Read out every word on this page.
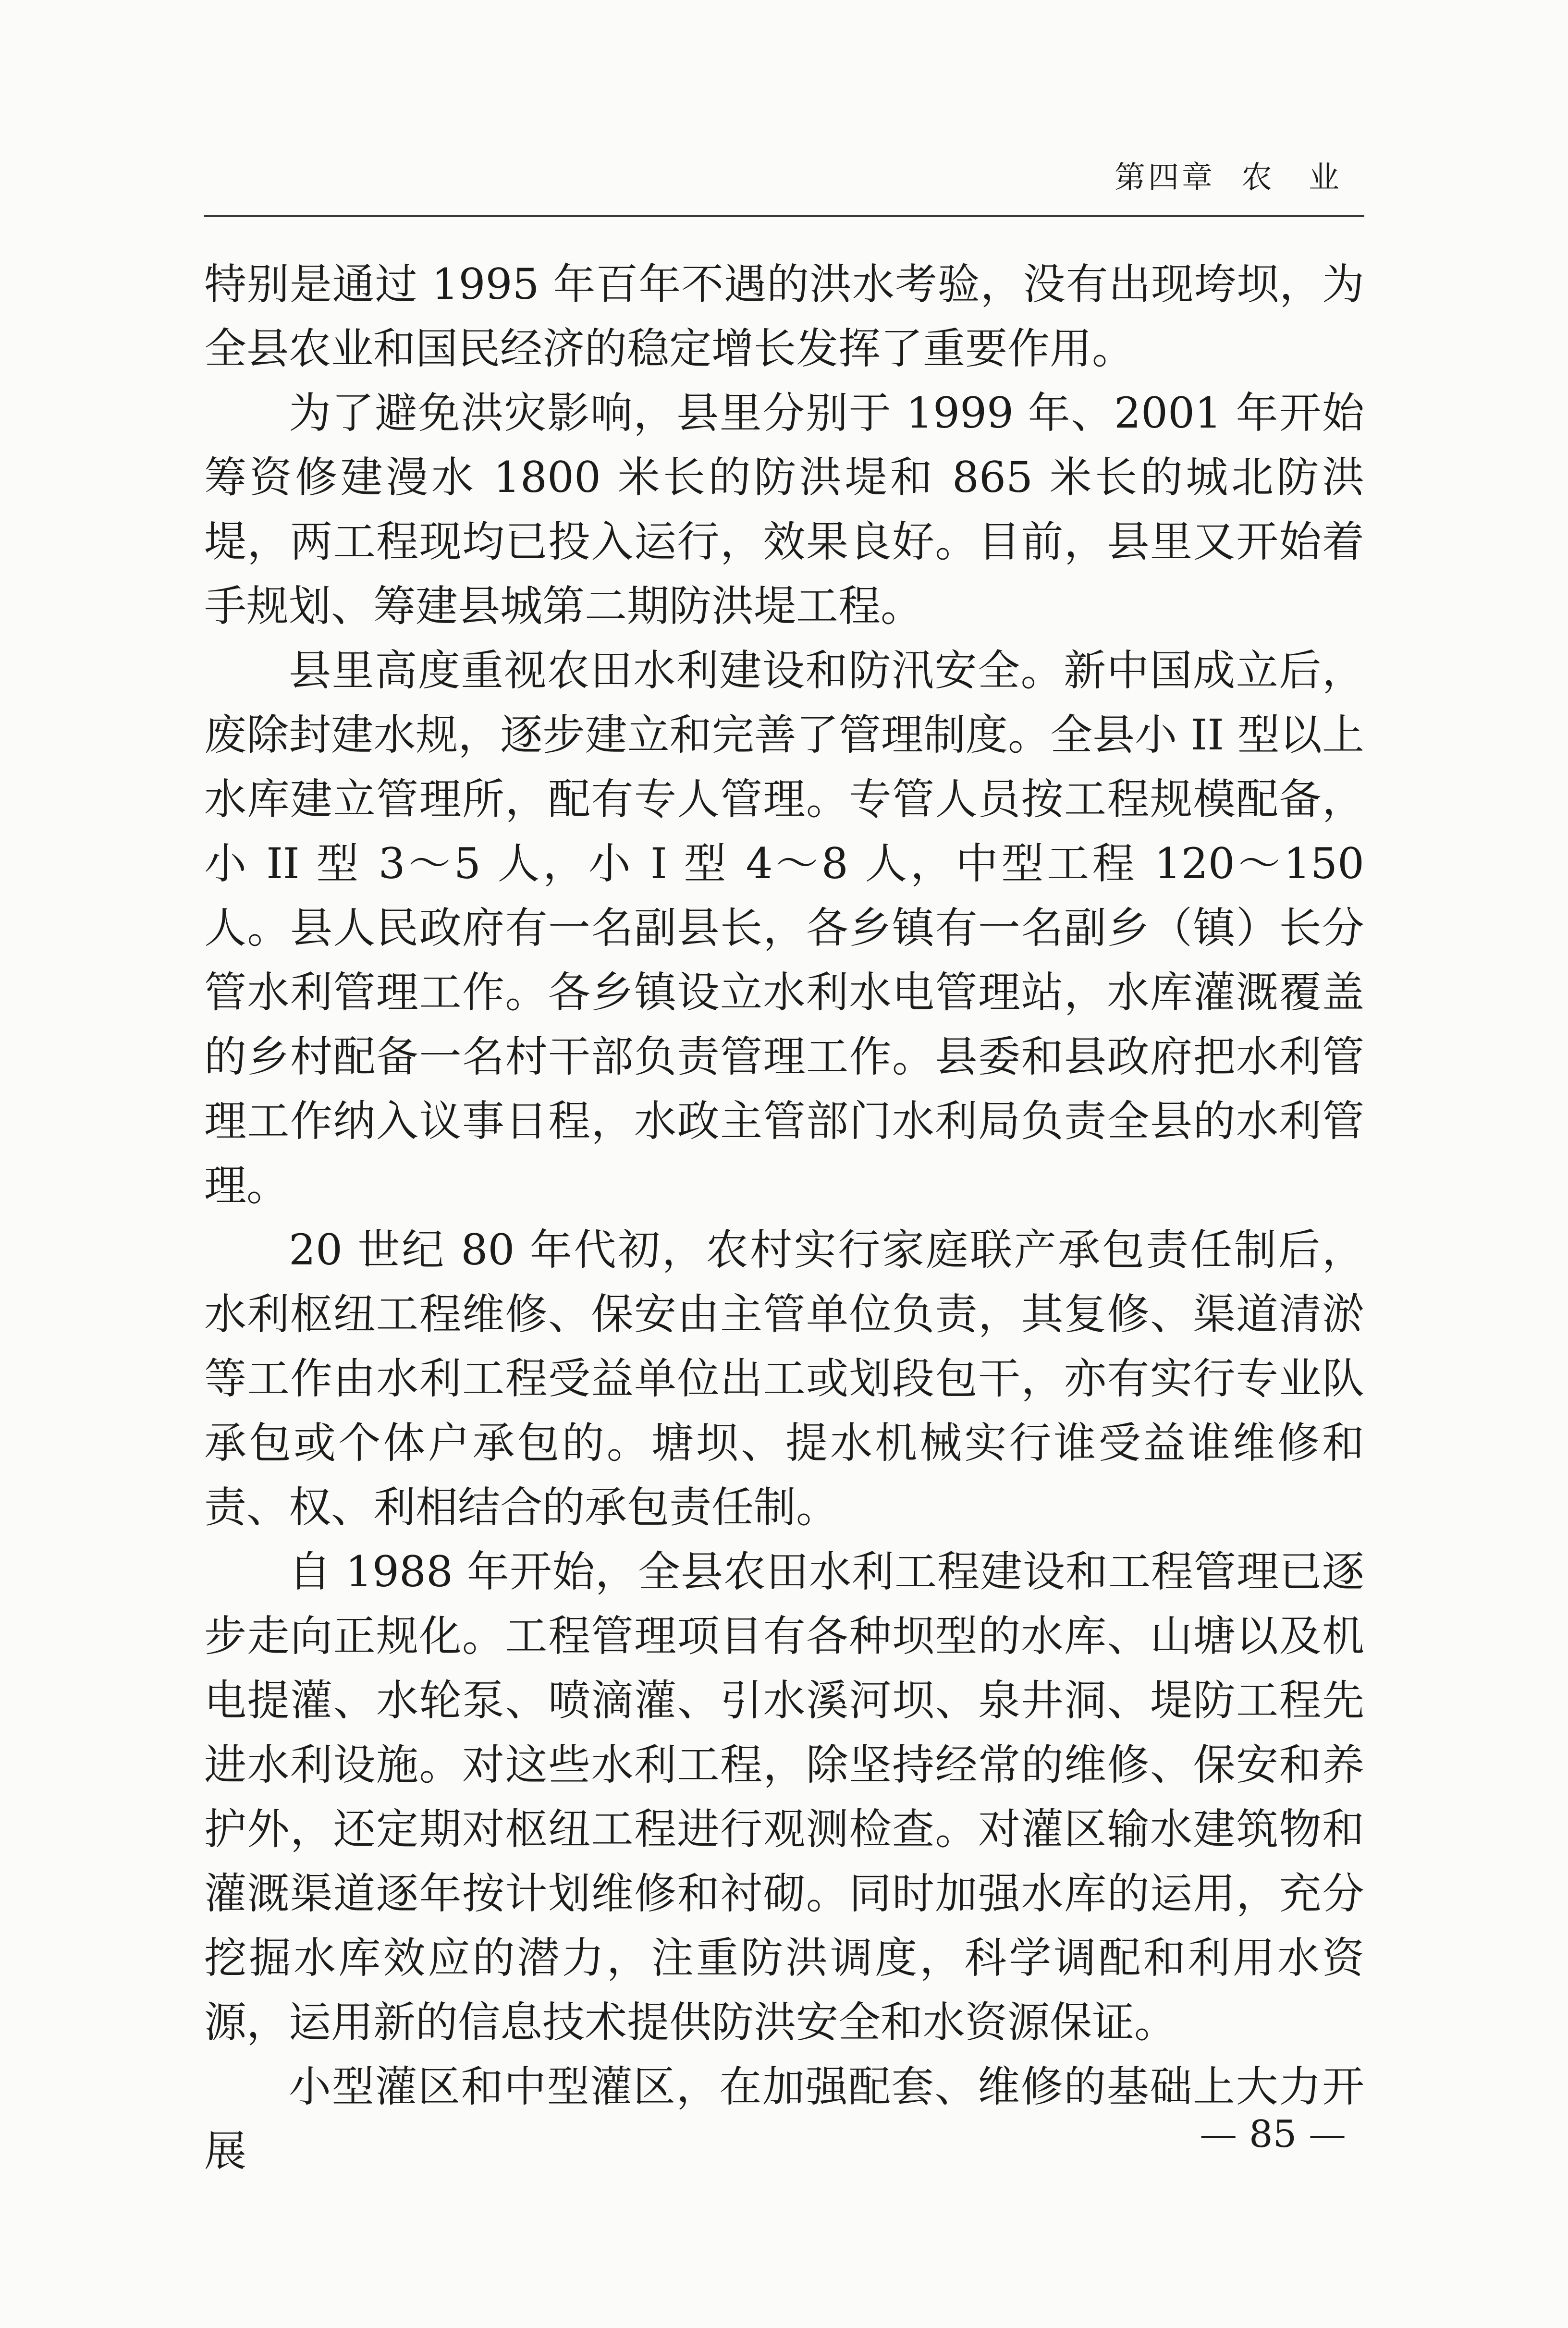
第四章 农　业

特别是通过 1995 年百年不遇的洪水考验，没有出现垮坝，为全县农业和国民经济的稳定增长发挥了重要作用。

为了避免洪灾影响，县里分别于 1999 年、2001 年开始筹资修建漫水 1800 米长的防洪堤和 865 米长的城北防洪堤，两工程现均已投入运行，效果良好。目前，县里又开始着手规划、筹建县城第二期防洪堤工程。

县里高度重视农田水利建设和防汛安全。新中国成立后，废除封建水规，逐步建立和完善了管理制度。全县小 II 型以上水库建立管理所，配有专人管理。专管人员按工程规模配备，小 II 型 3～5 人，小 I 型 4～8 人，中型工程 120～150 人。县人民政府有一名副县长，各乡镇有一名副乡（镇）长分管水利管理工作。各乡镇设立水利水电管理站，水库灌溉覆盖的乡村配备一名村干部负责管理工作。县委和县政府把水利管理工作纳入议事日程，水政主管部门水利局负责全县的水利管理。

20 世纪 80 年代初，农村实行家庭联产承包责任制后，水利枢纽工程维修、保安由主管单位负责，其复修、渠道清淤等工作由水利工程受益单位出工或划段包干，亦有实行专业队承包或个体户承包的。塘坝、提水机械实行谁受益谁维修和责、权、利相结合的承包责任制。

自 1988 年开始，全县农田水利工程建设和工程管理已逐步走向正规化。工程管理项目有各种坝型的水库、山塘以及机电提灌、水轮泵、喷滴灌、引水溪河坝、泉井洞、堤防工程先进水利设施。对这些水利工程，除坚持经常的维修、保安和养护外，还定期对枢纽工程进行观测检查。对灌区输水建筑物和灌溉渠道逐年按计划维修和衬砌。同时加强水库的运用，充分挖掘水库效应的潜力，注重防洪调度，科学调配和利用水资源，运用新的信息技术提供防洪安全和水资源保证。

小型灌区和中型灌区，在加强配套、维修的基础上大力开展	— 85 —
